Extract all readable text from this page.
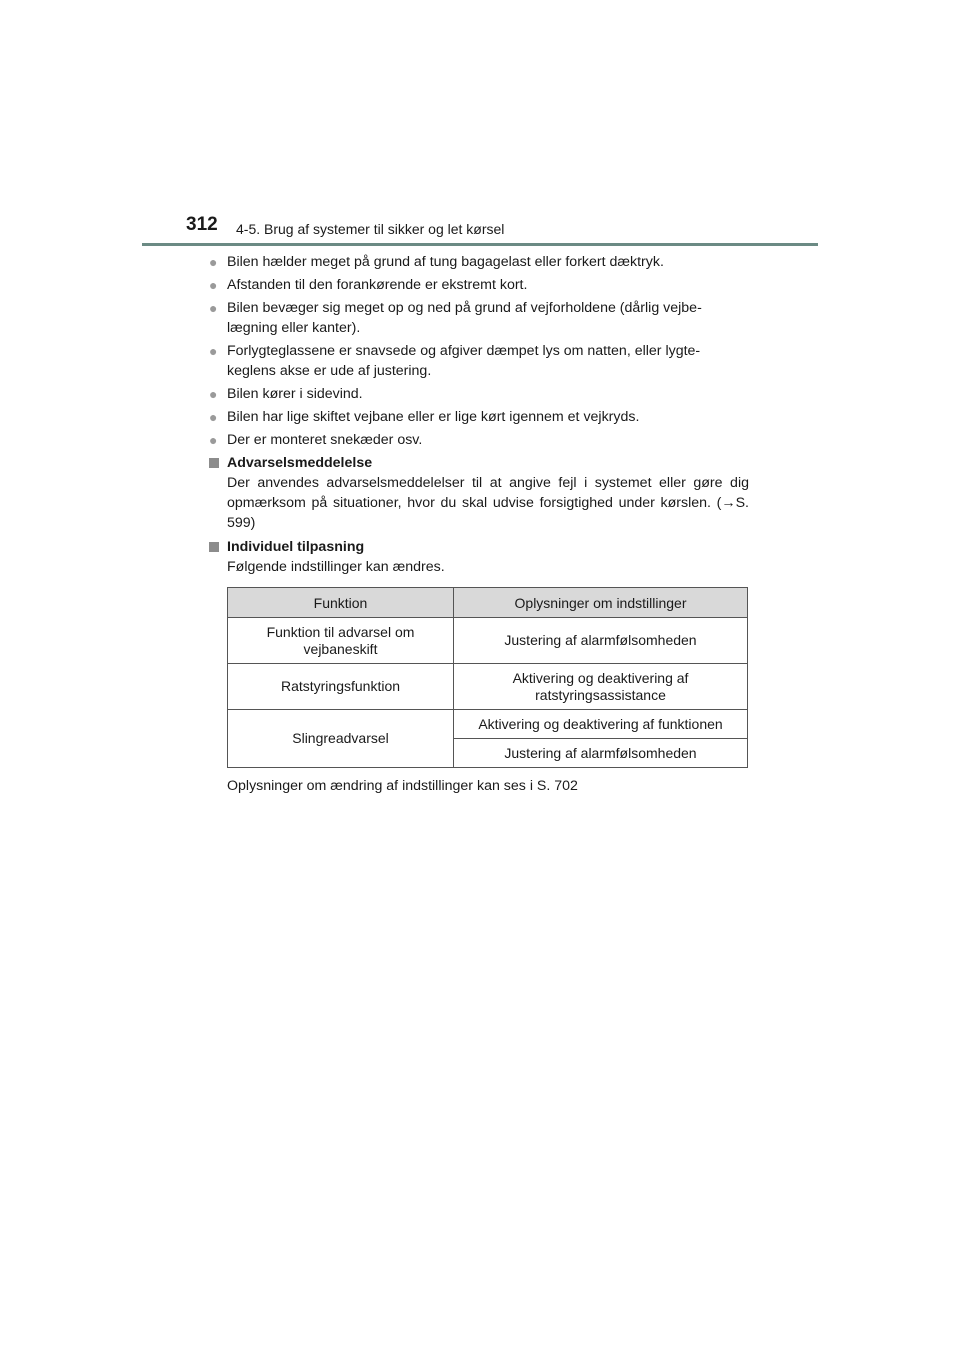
312 4-5. Brug af systemer til sikker og let kørsel
● Bilen hælder meget på grund af tung bagagelast eller forkert dæktryk.
● Afstanden til den forankørende er ekstremt kort.
● Bilen bevæger sig meget op og ned på grund af vejforholdene (dårlig vejbe-lægning eller kanter).
● Forlygteglassene er snavsede og afgiver dæmpet lys om natten, eller lygte-keglens akse er ude af justering.
● Bilen kører i sidevind.
● Bilen har lige skiftet vejbane eller er lige kørt igennem et vejkryds.
● Der er monteret snekæder osv.
Advarselsmeddelelse
Der anvendes advarselsmeddelelser til at angive fejl i systemet eller gøre dig opmærksom på situationer, hvor du skal udvise forsigtighed under kørslen. (→S. 599)
Individuel tilpasning
Følgende indstillinger kan ændres.
Funktion	Oplysninger om indstillinger
Funktion til advarsel om vejbaneskift	Justering af alarmfølsomheden
Ratstyringsfunktion	Aktivering og deaktivering af ratstyringsassistance
Slingreadvarsel	Aktivering og deaktivering af funktionen
	Justering af alarmfølsomheden
Oplysninger om ændring af indstillinger kan ses i S. 702
